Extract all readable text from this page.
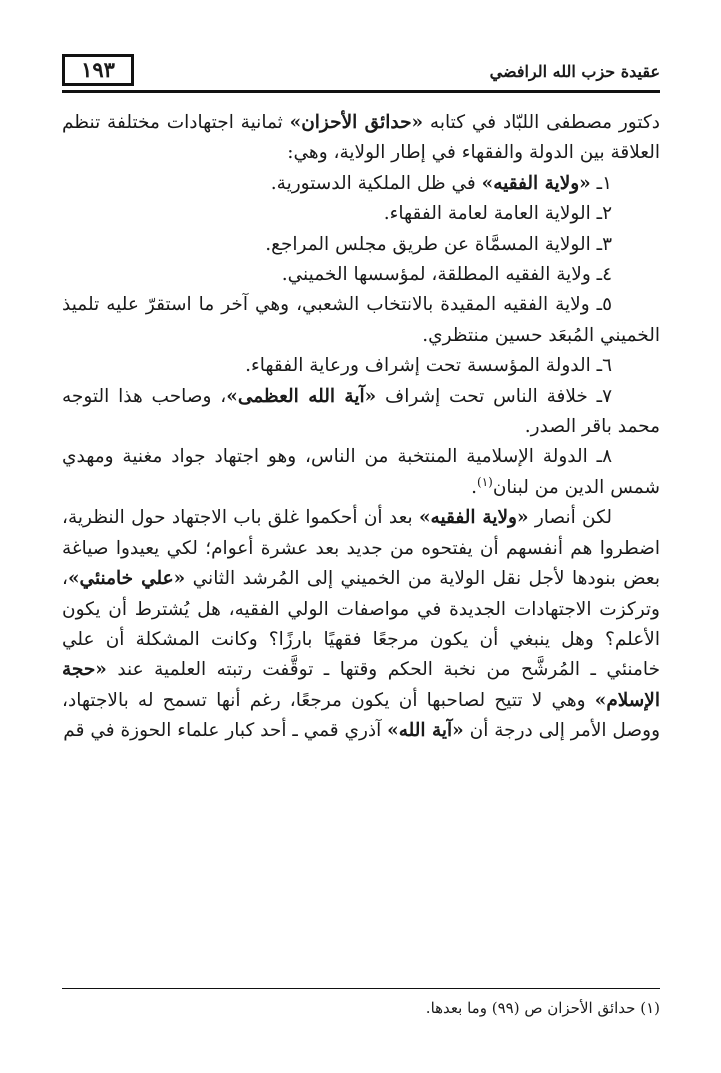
عقيدة حزب الله الرافضي
١٩٣

دكتور مصطفى اللبّاد في كتابه «حدائق الأحزان» ثمانية اجتهادات مختلفة تنظم العلاقة بين الدولة والفقهاء في إطار الولاية، وهي:

١ـ «ولاية الفقيه» في ظل الملكية الدستورية.

٢ـ الولاية العامة لعامة الفقهاء.

٣ـ الولاية المسمَّاة عن طريق مجلس المراجع.

٤ـ ولاية الفقيه المطلقة، لمؤسسها الخميني.

٥ـ ولاية الفقيه المقيدة بالانتخاب الشعبي، وهي آخر ما استقرّ عليه تلميذ الخميني المُبعَد حسين منتظري.

٦ـ الدولة المؤسسة تحت إشراف ورعاية الفقهاء.

٧ـ خلافة الناس تحت إشراف «آية الله العظمى»، وصاحب هذا التوجه محمد باقر الصدر.

٨ـ الدولة الإسلامية المنتخبة من الناس، وهو اجتهاد جواد مغنية ومهدي شمس الدين من لبنان$^{(١)}$.

لكن أنصار «ولاية الفقيه» بعد أن أحكموا غلق باب الاجتهاد حول النظرية، اضطروا هم أنفسهم أن يفتحوه من جديد بعد عشرة أعوام؛ لكي يعيدوا صياغة بعض بنودها لأجل نقل الولاية من الخميني إلى المُرشد الثاني «علي خامنئي»، وتركزت الاجتهادات الجديدة في مواصفات الولي الفقيه، هل يُشترط أن يكون الأعلم؟ وهل ينبغي أن يكون مرجعًا فقهيًا بارزًا؟ وكانت المشكلة أن علي خامنئي ـ المُرشَّح من نخبة الحكم وقتها ـ توقَّفت رتبته العلمية عند «حجة الإسلام» وهي لا تتيح لصاحبها أن يكون مرجعًا، رغم أنها تسمح له بالاجتهاد، ووصل الأمر إلى درجة أن «آية الله» آذري قمي ـ أحد كبار علماء الحوزة في قم

(١) حدائق الأحزان ص (٩٩) وما بعدها.
